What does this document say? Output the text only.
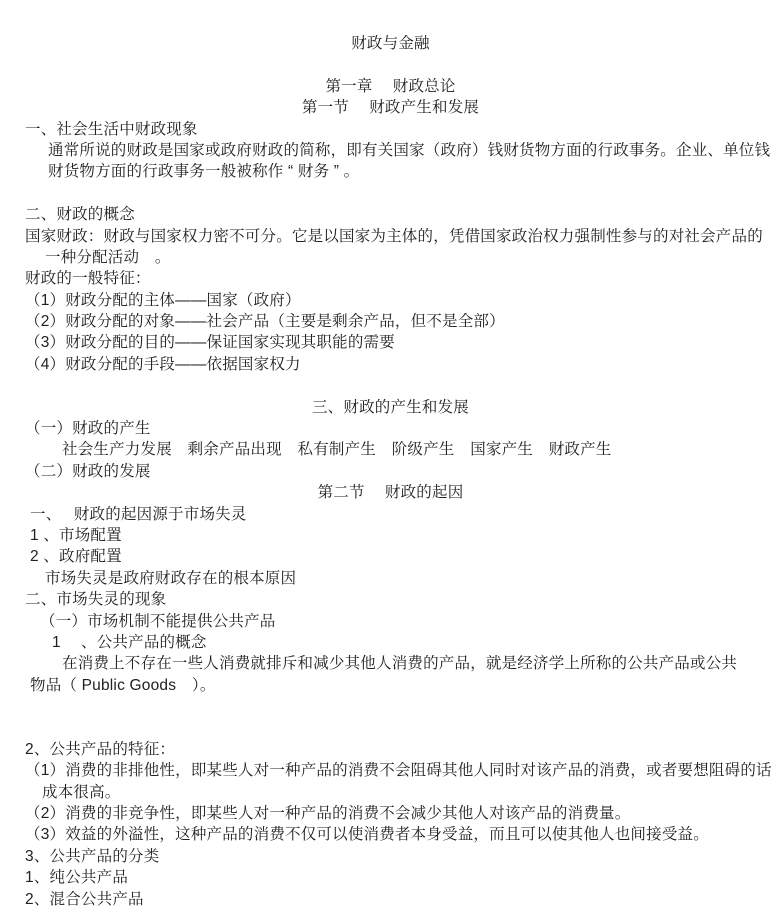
财政与金融
第一章　 财政总论
第一节　 财政产生和发展
一、社会生活中财政现象
通常所说的财政是国家或政府财政的简称，即有关国家（政府）钱财货物方面的行政事务。企业、单位钱
财货物方面的行政事务一般被称作 “ 财务 ” 。
二、财政的概念
国家财政：财政与国家权力密不可分。它是以国家为主体的，凭借国家政治权力强制性参与的对社会产品的
一种分配活动　。
财政的一般特征：
（1）财政分配的主体——国家（政府）
（2）财政分配的对象——社会产品（主要是剩余产品，但不是全部）
（3）财政分配的目的——保证国家实现其职能的需要
（4）财政分配的手段——依据国家权力
三、财政的产生和发展
（一）财政的产生
社会生产力发展　剩余产品出现　私有制产生　阶级产生　国家产生　财政产生
（二）财政的发展
第二节　 财政的起因
一、　 财政的起因源于市场失灵
1 、市场配置
2 、政府配置
市场失灵是政府财政存在的根本原因
二、市场失灵的现象
（一）市场机制不能提供公共产品
1　 、公共产品的概念
在消费上不存在一些人消费就排斥和减少其他人消费的产品，就是经济学上所称的公共产品或公共
物品（ Public Goods　）。
2、公共产品的特征：
（1）消费的非排他性，即某些人对一种产品的消费不会阻碍其他人同时对该产品的消费，或者要想阻碍的话
成本很高。
（2）消费的非竞争性，即某些人对一种产品的消费不会减少其他人对该产品的消费量。
（3）效益的外溢性，这种产品的消费不仅可以使消费者本身受益，而且可以使其他人也间接受益。
3、公共产品的分类
1、纯公共产品
2、混合公共产品
